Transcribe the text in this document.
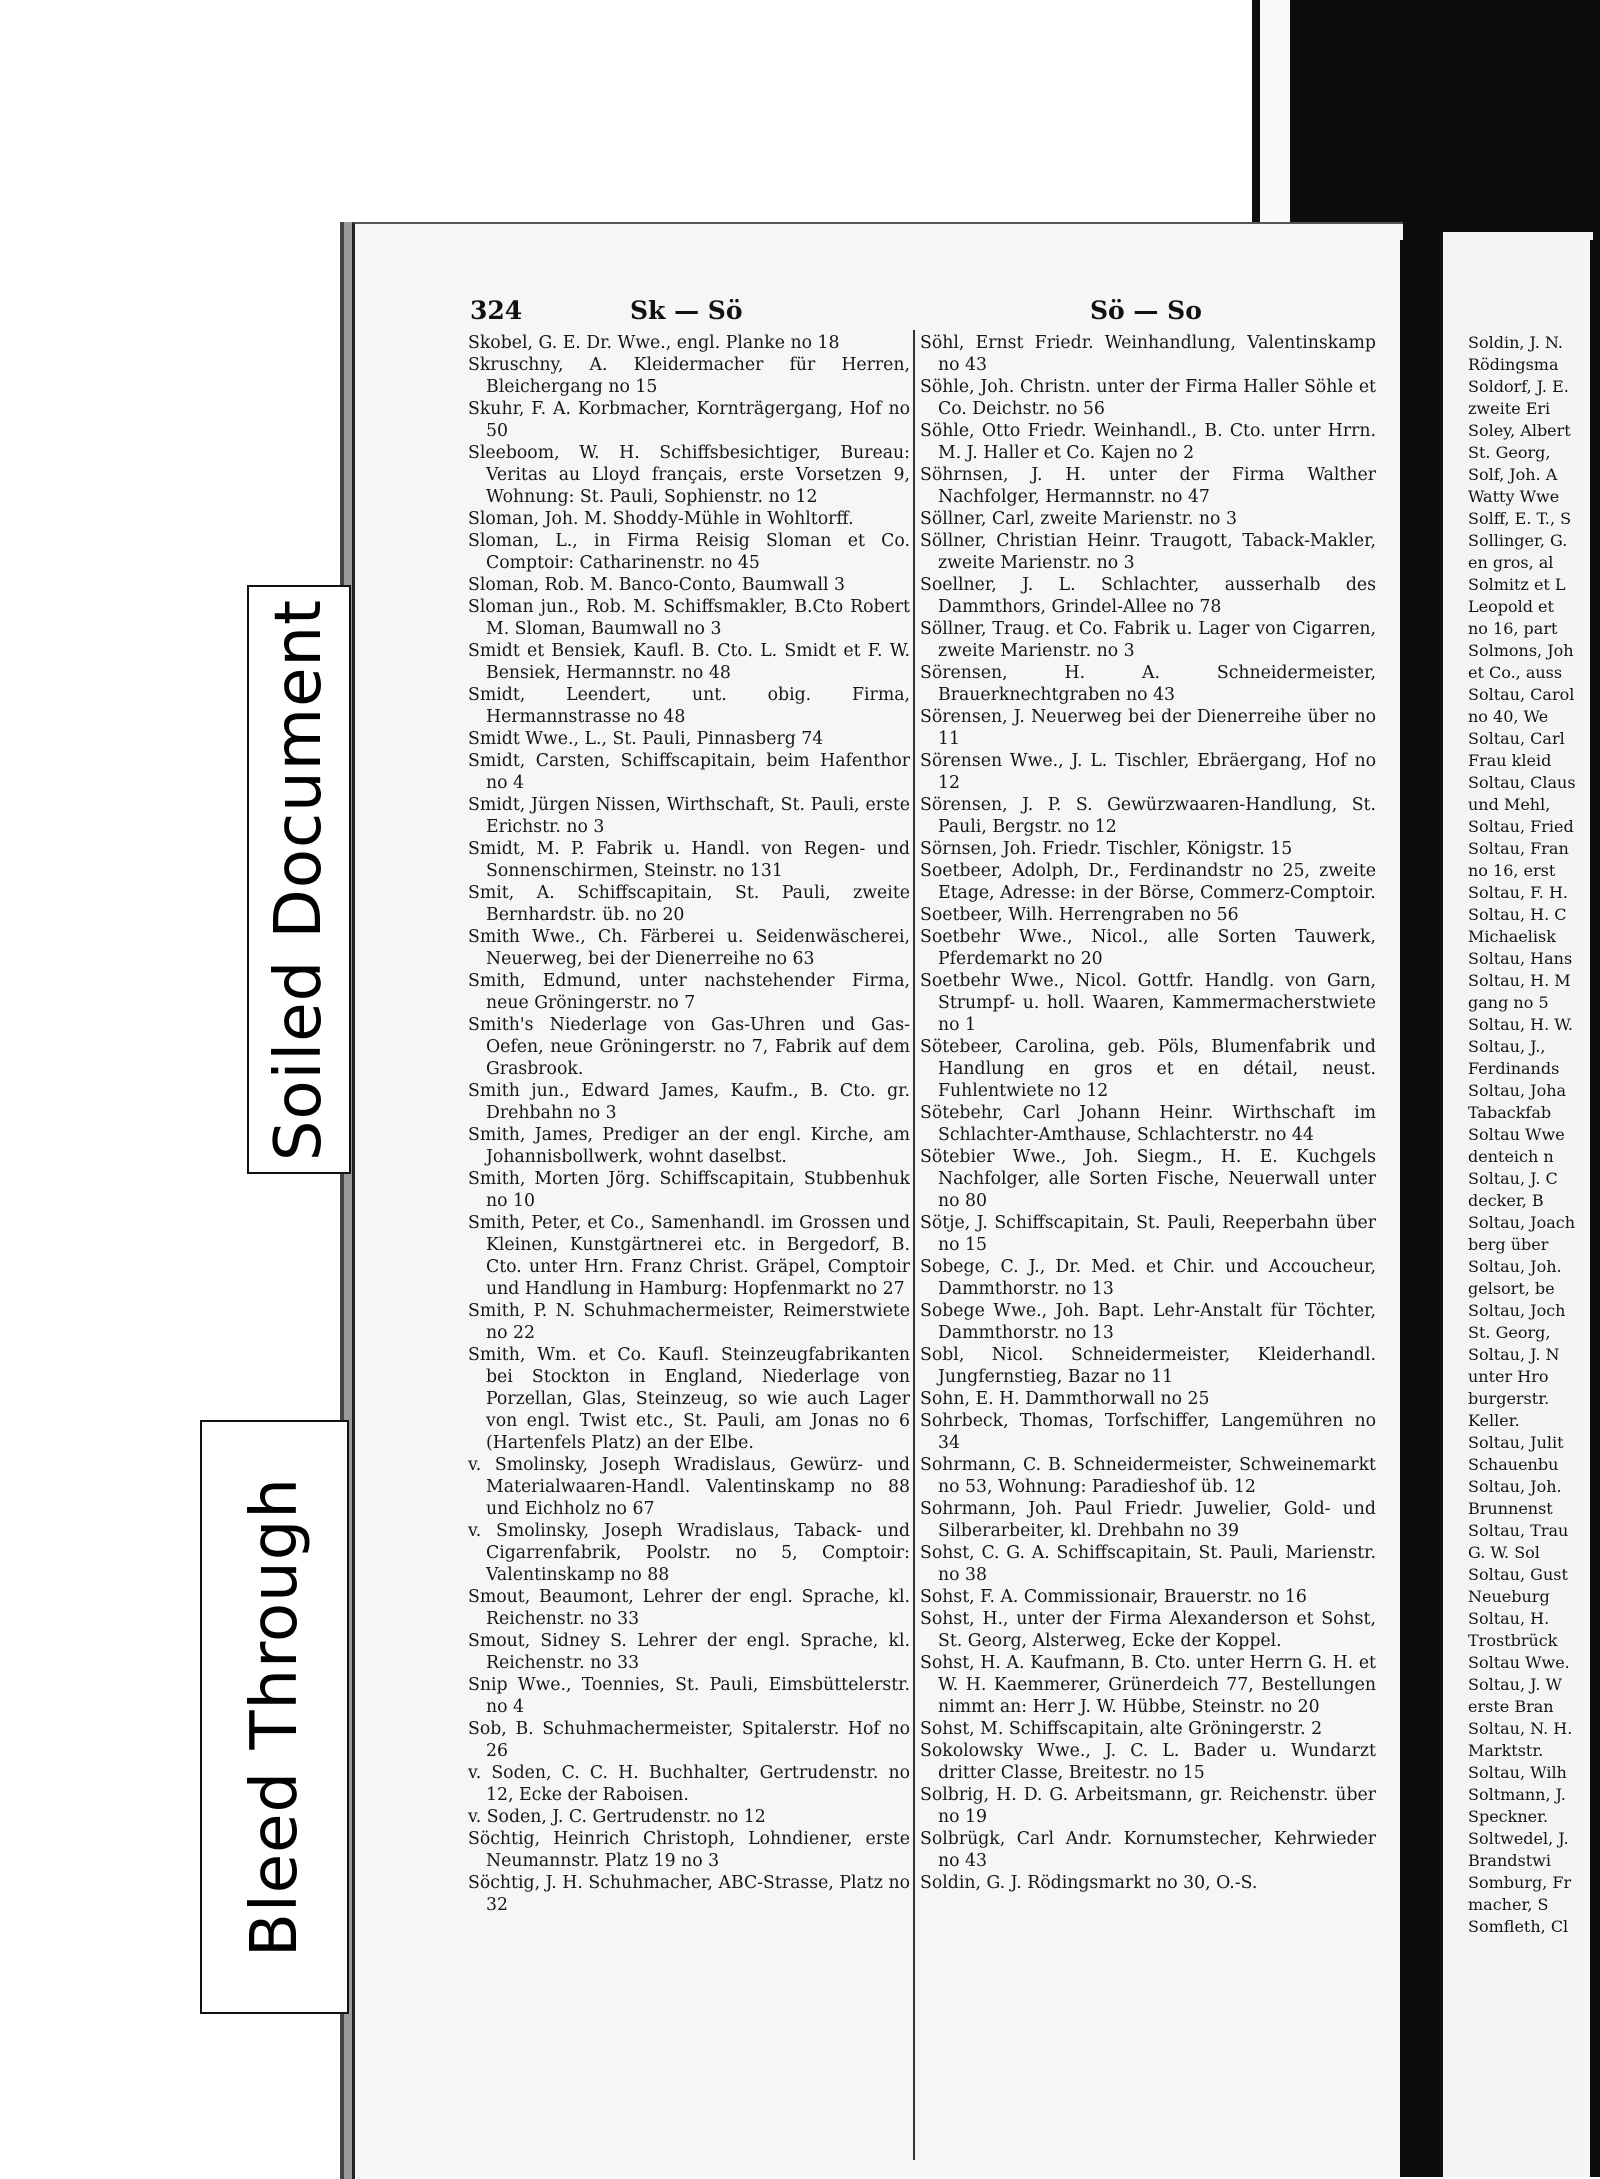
Soiled Document
Bleed Through
324	Sk — Sö	Sö — So

Skobel, G. E. Dr. Wwe., engl. Planke no 18

Skruschny, A. Kleidermacher für Herren, Bleichergang no 15

Skuhr, F. A. Korbmacher, Kornträgergang, Hof no 50

Sleeboom, W. H. Schiffsbesichtiger, Bureau: Veritas au Lloyd français, erste Vorsetzen 9, Wohnung: St. Pauli, Sophienstr. no 12

Sloman, Joh. M. Shoddy-Mühle in Wohltorff.

Sloman, L., in Firma Reisig Sloman et Co. Comptoir: Catharinenstr. no 45

Sloman, Rob. M. Banco-Conto, Baumwall 3

Sloman jun., Rob. M. Schiffsmakler, B.Cto Robert M. Sloman, Baumwall no 3

Smidt et Bensiek, Kaufl. B. Cto. L. Smidt et F. W. Bensiek, Hermannstr. no 48

Smidt, Leendert, unt. obig. Firma, Hermannstrasse no 48

Smidt Wwe., L., St. Pauli, Pinnasberg 74

Smidt, Carsten, Schiffscapitain, beim Hafenthor no 4

Smidt, Jürgen Nissen, Wirthschaft, St. Pauli, erste Erichstr. no 3

Smidt, M. P. Fabrik u. Handl. von Regen- und Sonnenschirmen, Steinstr. no 131

Smit, A. Schiffscapitain, St. Pauli, zweite Bernhardstr. üb. no 20

Smith Wwe., Ch. Färberei u. Seidenwäscherei, Neuerweg, bei der Dienerreihe no 63

Smith, Edmund, unter nachstehender Firma, neue Gröningerstr. no 7

Smith's Niederlage von Gas-Uhren und Gas-Oefen, neue Gröningerstr. no 7, Fabrik auf dem Grasbrook.

Smith jun., Edward James, Kaufm., B. Cto. gr. Drehbahn no 3

Smith, James, Prediger an der engl. Kirche, am Johannisbollwerk, wohnt daselbst.

Smith, Morten Jörg. Schiffscapitain, Stubbenhuk no 10

Smith, Peter, et Co., Samenhandl. im Grossen und Kleinen, Kunstgärtnerei etc. in Bergedorf, B. Cto. unter Hrn. Franz Christ. Gräpel, Comptoir und Handlung in Hamburg: Hopfenmarkt no 27

Smith, P. N. Schuhmachermeister, Reimerstwiete no 22

Smith, Wm. et Co. Kaufl. Steinzeugfabrikanten bei Stockton in England, Niederlage von Porzellan, Glas, Steinzeug, so wie auch Lager von engl. Twist etc., St. Pauli, am Jonas no 6 (Hartenfels Platz) an der Elbe.

v. Smolinsky, Joseph Wradislaus, Gewürz- und Materialwaaren-Handl. Valentinskamp no 88 und Eichholz no 67

v. Smolinsky, Joseph Wradislaus, Taback- und Cigarrenfabrik, Poolstr. no 5, Comptoir: Valentinskamp no 88

Smout, Beaumont, Lehrer der engl. Sprache, kl. Reichenstr. no 33

Smout, Sidney S. Lehrer der engl. Sprache, kl. Reichenstr. no 33

Snip Wwe., Toennies, St. Pauli, Eimsbüttelerstr. no 4

Sob, B. Schuhmachermeister, Spitalerstr. Hof no 26

v. Soden, C. C. H. Buchhalter, Gertrudenstr. no 12, Ecke der Raboisen.

v. Soden, J. C. Gertrudenstr. no 12

Söchtig, Heinrich Christoph, Lohndiener, erste Neumannstr. Platz 19 no 3

Söchtig, J. H. Schuhmacher, ABC-Strasse, Platz no 32

Söhl, Ernst Friedr. Weinhandlung, Valentinskamp no 43

Söhle, Joh. Christn. unter der Firma Haller Söhle et Co. Deichstr. no 56

Söhle, Otto Friedr. Weinhandl., B. Cto. unter Hrrn. M. J. Haller et Co. Kajen no 2

Söhrnsen, J. H. unter der Firma Walther Nachfolger, Hermannstr. no 47

Söllner, Carl, zweite Marienstr. no 3

Söllner, Christian Heinr. Traugott, Taback-Makler, zweite Marienstr. no 3

Soellner, J. L. Schlachter, ausserhalb des Dammthors, Grindel-Allee no 78

Söllner, Traug. et Co. Fabrik u. Lager von Cigarren, zweite Marienstr. no 3

Sörensen, H. A. Schneidermeister, Brauerknechtgraben no 43

Sörensen, J. Neuerweg bei der Dienerreihe über no 11

Sörensen Wwe., J. L. Tischler, Ebräergang, Hof no 12

Sörensen, J. P. S. Gewürzwaaren-Handlung, St. Pauli, Bergstr. no 12

Sörnsen, Joh. Friedr. Tischler, Königstr. 15

Soetbeer, Adolph, Dr., Ferdinandstr no 25, zweite Etage, Adresse: in der Börse, Commerz-Comptoir.

Soetbeer, Wilh. Herrengraben no 56

Soetbehr Wwe., Nicol., alle Sorten Tauwerk, Pferdemarkt no 20

Soetbehr Wwe., Nicol. Gottfr. Handlg. von Garn, Strumpf- u. holl. Waaren, Kammermacherstwiete no 1

Sötebeer, Carolina, geb. Pöls, Blumenfabrik und Handlung en gros et en détail, neust. Fuhlentwiete no 12

Sötebehr, Carl Johann Heinr. Wirthschaft im Schlachter-Amthause, Schlachterstr. no 44

Sötebier Wwe., Joh. Siegm., H. E. Kuchgels Nachfolger, alle Sorten Fische, Neuerwall unter no 80

Sötje, J. Schiffscapitain, St. Pauli, Reeperbahn über no 15

Sobege, C. J., Dr. Med. et Chir. und Accoucheur, Dammthorstr. no 13

Sobege Wwe., Joh. Bapt. Lehr-Anstalt für Töchter, Dammthorstr. no 13

Sobl, Nicol. Schneidermeister, Kleiderhandl. Jungfernstieg, Bazar no 11

Sohn, E. H. Dammthorwall no 25

Sohrbeck, Thomas, Torfschiffer, Langemühren no 34

Sohrmann, C. B. Schneidermeister, Schweinemarkt no 53, Wohnung: Paradieshof üb. 12

Sohrmann, Joh. Paul Friedr. Juwelier, Gold- und Silberarbeiter, kl. Drehbahn no 39

Sohst, C. G. A. Schiffscapitain, St. Pauli, Marienstr. no 38

Sohst, F. A. Commissionair, Brauerstr. no 16

Sohst, H., unter der Firma Alexanderson et Sohst, St. Georg, Alsterweg, Ecke der Koppel.

Sohst, H. A. Kaufmann, B. Cto. unter Herrn G. H. et W. H. Kaemmerer, Grünerdeich 77, Bestellungen nimmt an: Herr J. W. Hübbe, Steinstr. no 20

Sohst, M. Schiffscapitain, alte Gröningerstr. 2

Sokolowsky Wwe., J. C. L. Bader u. Wundarzt dritter Classe, Breitestr. no 15

Solbrig, H. D. G. Arbeitsmann, gr. Reichenstr. über no 19

Solbrügk, Carl Andr. Kornumstecher, Kehrwieder no 43

Soldin, G. J. Rödingsmarkt no 30, O.-S.

Soldin, J. N.

Rödingsma

Soldorf, J. E.

zweite Eri

Soley, Albert

St. Georg,

Solf, Joh. A

Watty Wwe

Solff, E. T., S

Sollinger, G.

en gros, al

Solmitz et L

Leopold et

no 16, part

Solmons, Joh

et Co., auss

Soltau, Carol

no 40, We

Soltau, Carl

Frau kleid

Soltau, Claus

und Mehl,

Soltau, Fried

Soltau, Fran

no 16, erst

Soltau, F. H.

Soltau, H. C

Michaelisk

Soltau, Hans

Soltau, H. M

gang no 5

Soltau, H. W.

Soltau, J.,

Ferdinands

Soltau, Joha

Tabackfab

Soltau Wwe

denteich n

Soltau, J. C

decker, B

Soltau, Joach

berg über

Soltau, Joh.

gelsort, be

Soltau, Joch

St. Georg,

Soltau, J. N

unter Hro

burgerstr.

Keller.

Soltau, Julit

Schauenbu

Soltau, Joh.

Brunnenst

Soltau, Trau

G. W. Sol

Soltau, Gust

Neueburg

Soltau, H.

Trostbrück

Soltau Wwe.

Soltau, J. W

erste Bran

Soltau, N. H.

Marktstr.

Soltau, Wilh

Soltmann, J.

Speckner.

Soltwedel, J.

Brandstwi

Somburg, Fr

macher, S

Somfleth, Cl
